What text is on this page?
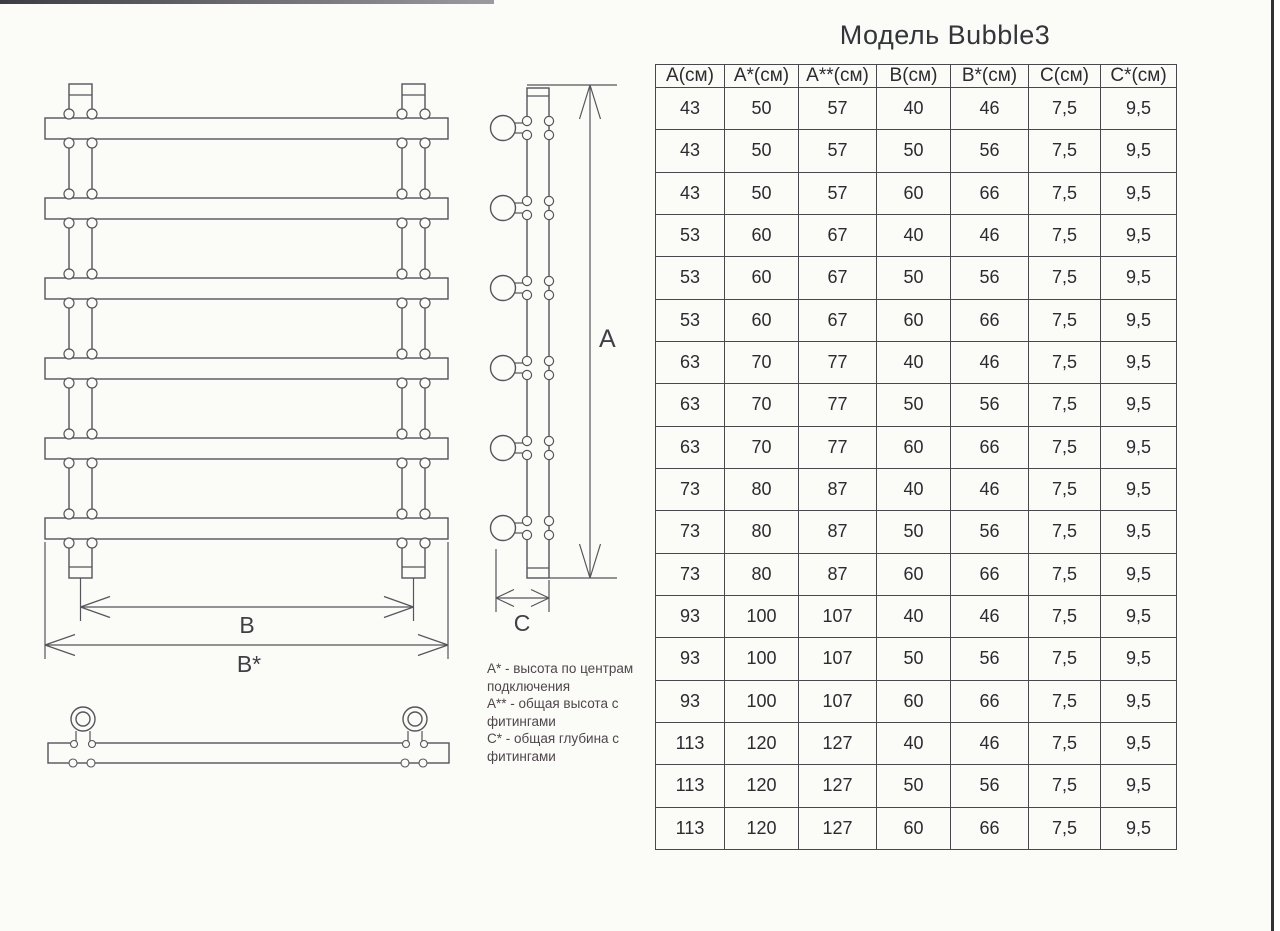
B
B*
A
C
Модель Bubble3
А(см)	А*(см)	А**(см)	В(см)	В*(см)	С(см)	С*(см)
43	50	57	40	46	7,5	9,5
43	50	57	50	56	7,5	9,5
43	50	57	60	66	7,5	9,5
53	60	67	40	46	7,5	9,5
53	60	67	50	56	7,5	9,5
53	60	67	60	66	7,5	9,5
63	70	77	40	46	7,5	9,5
63	70	77	50	56	7,5	9,5
63	70	77	60	66	7,5	9,5
73	80	87	40	46	7,5	9,5
73	80	87	50	56	7,5	9,5
73	80	87	60	66	7,5	9,5
93	100	107	40	46	7,5	9,5
93	100	107	50	56	7,5	9,5
93	100	107	60	66	7,5	9,5
113	120	127	40	46	7,5	9,5
113	120	127	50	56	7,5	9,5
113	120	127	60	66	7,5	9,5
А* - высота по центрам подключения
А** - общая высота с фитингами
С* - общая глубина с фитингами
